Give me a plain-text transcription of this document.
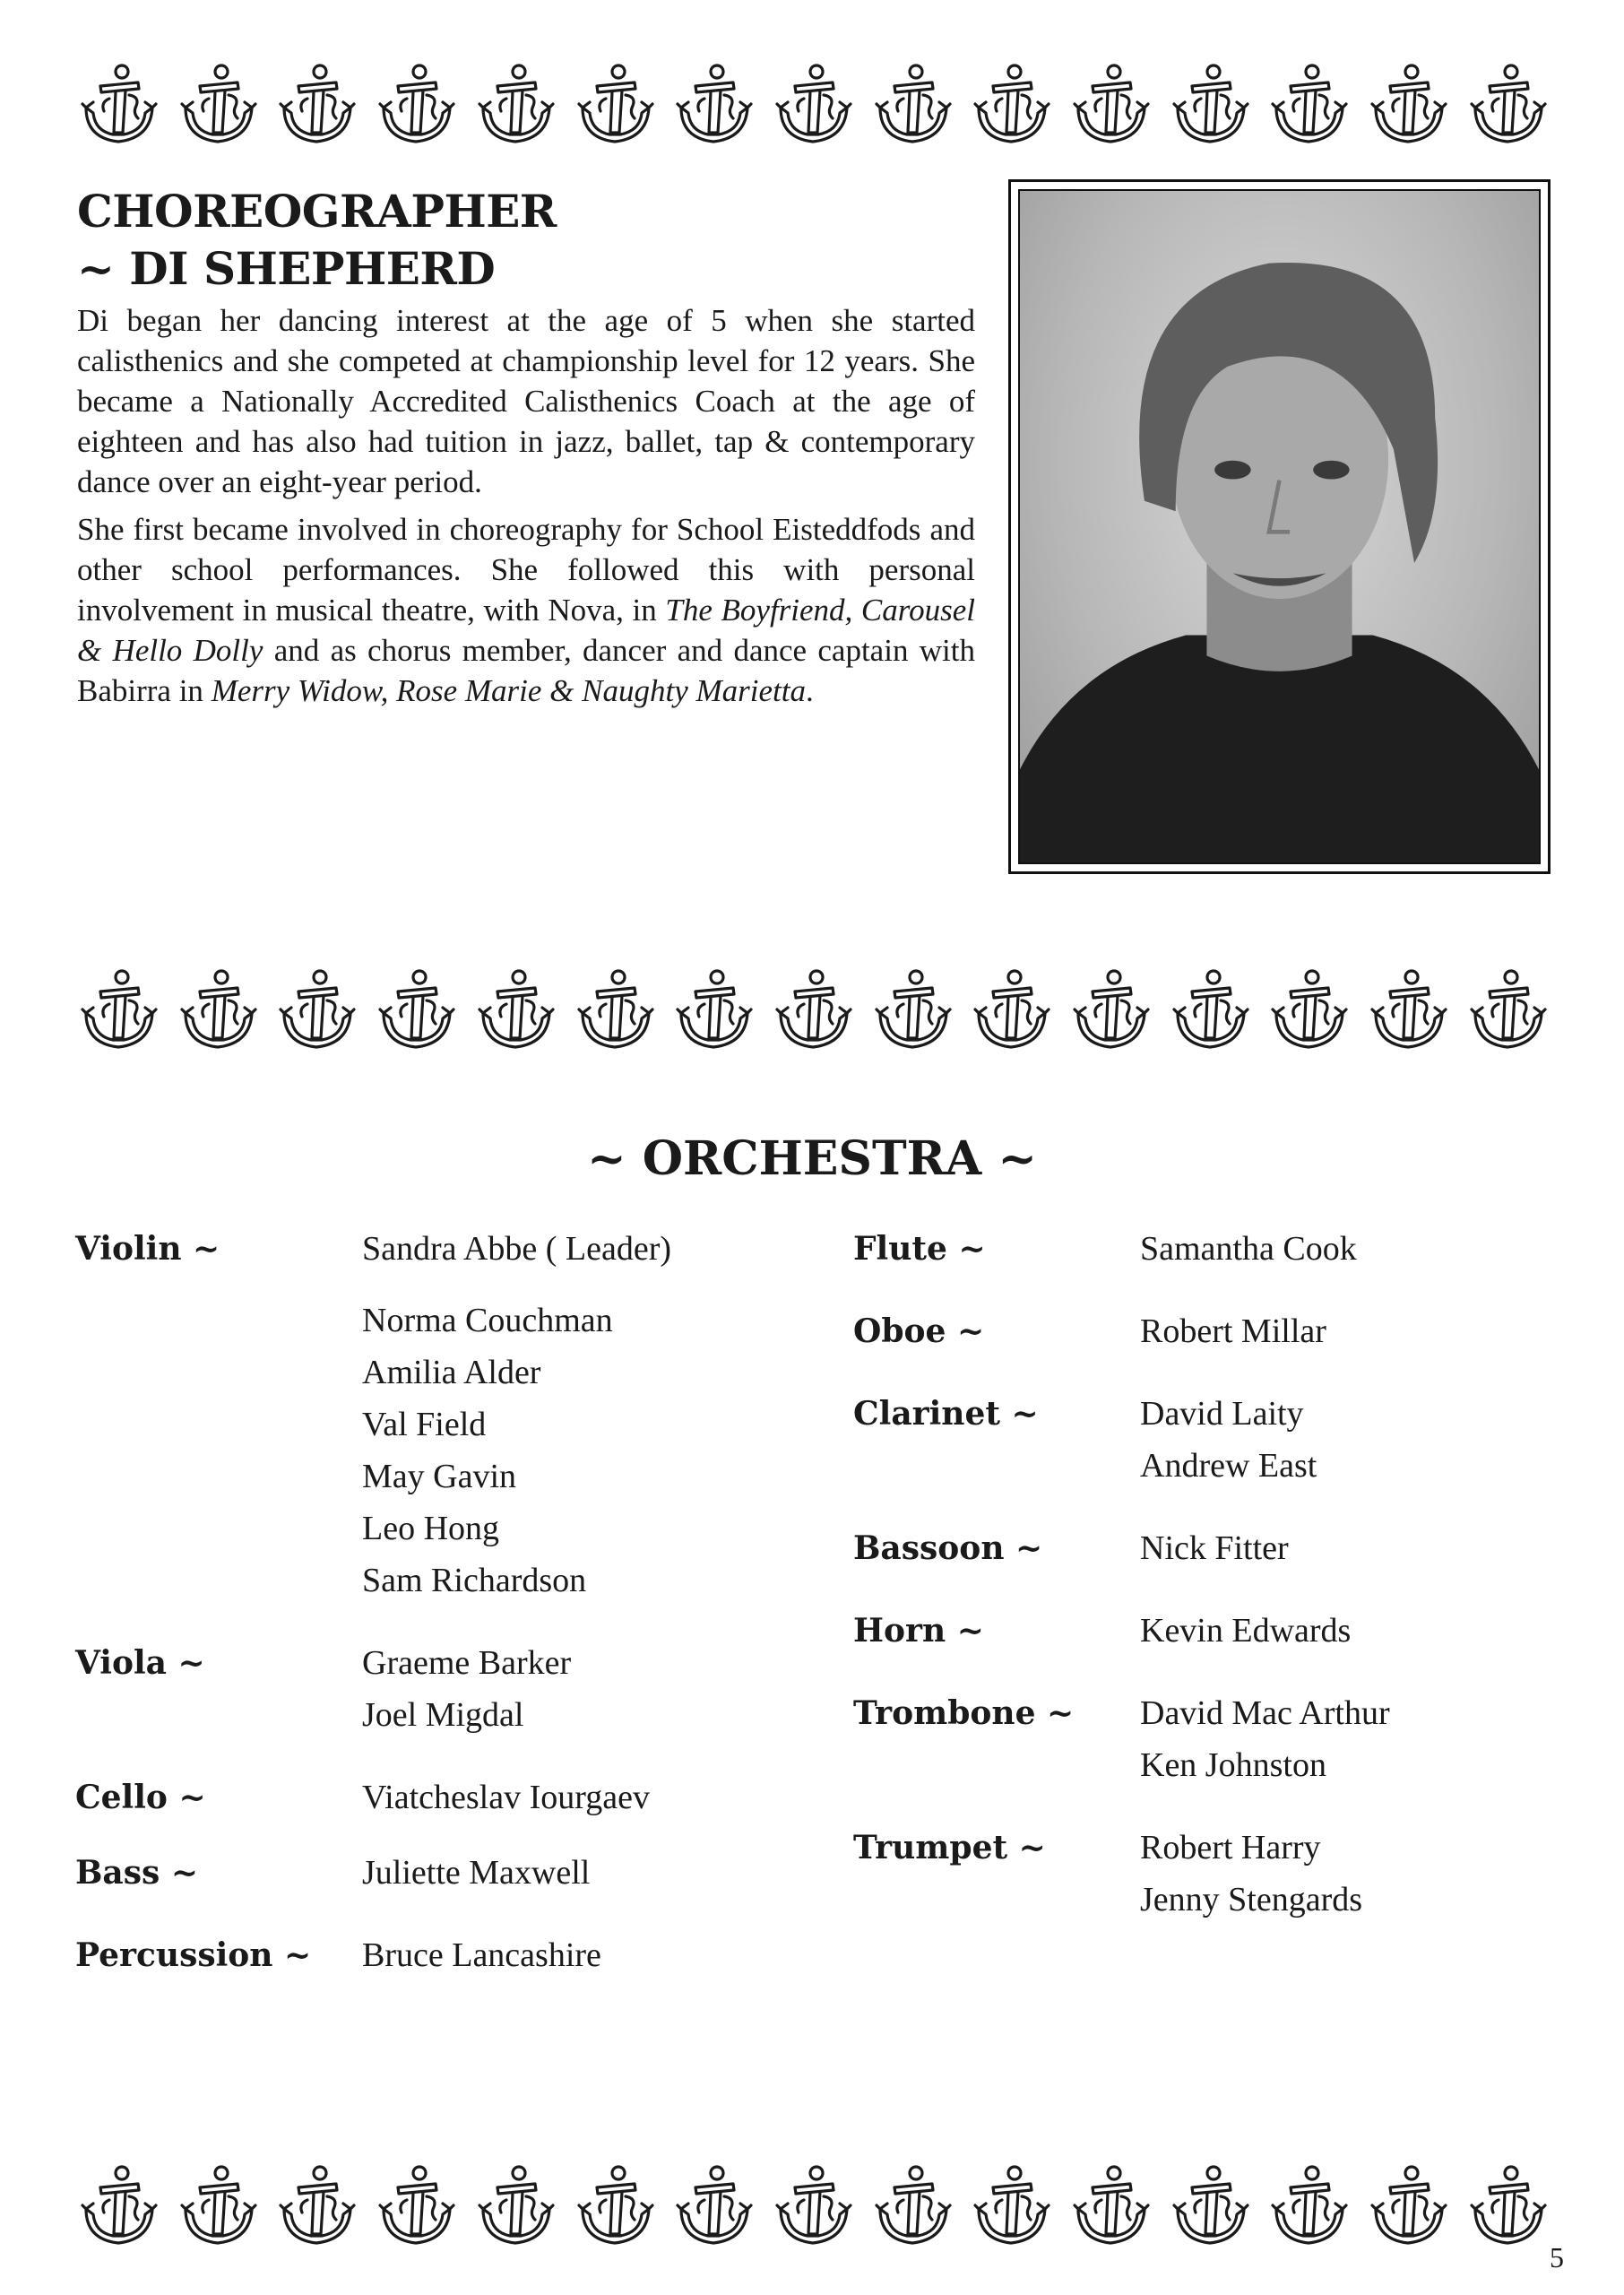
CHOREOGRAPHER
~ DI SHEPHERD

Di began her dancing interest at the age of 5 when she started calisthenics and she competed at championship level for 12 years. She became a Nationally Accredited Calisthenics Coach at the age of eighteen and has also had tuition in jazz, ballet, tap & contemporary dance over an eight-year period.

She first became involved in choreography for School Eisteddfods and other school performances. She followed this with personal involvement in musical theatre, with Nova, in The Boyfriend, Carousel & Hello Dolly and as chorus member, dancer and dance captain with Babirra in Merry Widow, Rose Marie & Naughty Marietta.

~ ORCHESTRA ~
Violin ~	Sandra Abbe ( Leader)
Norma Couchman
Amilia Alder
Val Field
May Gavin
Leo Hong
Sam Richardson
Viola ~	Graeme Barker
Joel Migdal
Cello ~	Viatcheslav Iourgaev
Bass ~	Juliette Maxwell
Percussion ~	Bruce Lancashire
Flute ~	Samantha Cook
Oboe ~	Robert Millar
Clarinet ~	David Laity
Andrew East
Bassoon ~	Nick Fitter
Horn ~	Kevin Edwards
Trombone ~	David Mac Arthur
Ken Johnston
Trumpet ~	Robert Harry
Jenny Stengards
5
